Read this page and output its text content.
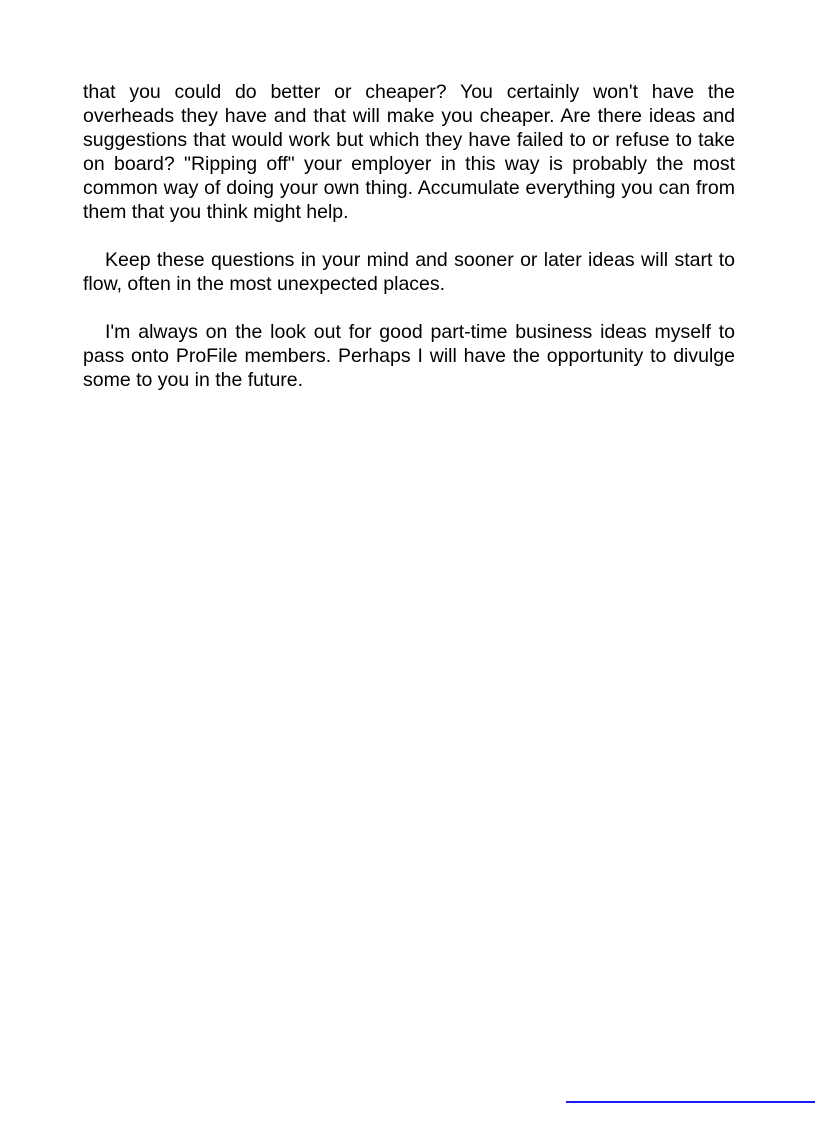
that you could do better or cheaper? You certainly won't have the overheads they have and that will make you cheaper. Are there ideas and suggestions that would work but which they have failed to or refuse to take on board? "Ripping off" your employer in this way is probably the most common way of doing your own thing. Accumulate everything you can from them that you think might help.

Keep these questions in your mind and sooner or later ideas will start to flow, often in the most unexpected places.

I'm always on the look out for good part-time business ideas myself to pass onto ProFile members. Perhaps I will have the opportunity to divulge some to you in the future.
